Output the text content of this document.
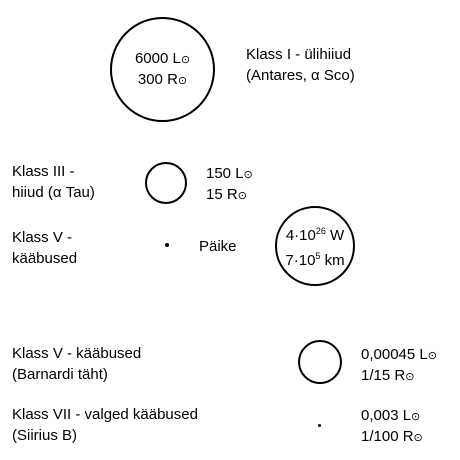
6000 L⊙
300 R⊙
Klass I - ülihiiud
(Antares, α Sco)
Klass III -
hiiud (α Tau)
150 L⊙
15 R⊙
Klass V -
kääbused
Päike
$4\cdot 10^{26}$ W
$7\cdot 10^5$ km
Klass V - kääbused
(Barnardi täht)
0,00045 L⊙
1/15 R⊙
Klass VII - valged kääbused
(Siirius B)
0,003 L⊙
1/100 R⊙
